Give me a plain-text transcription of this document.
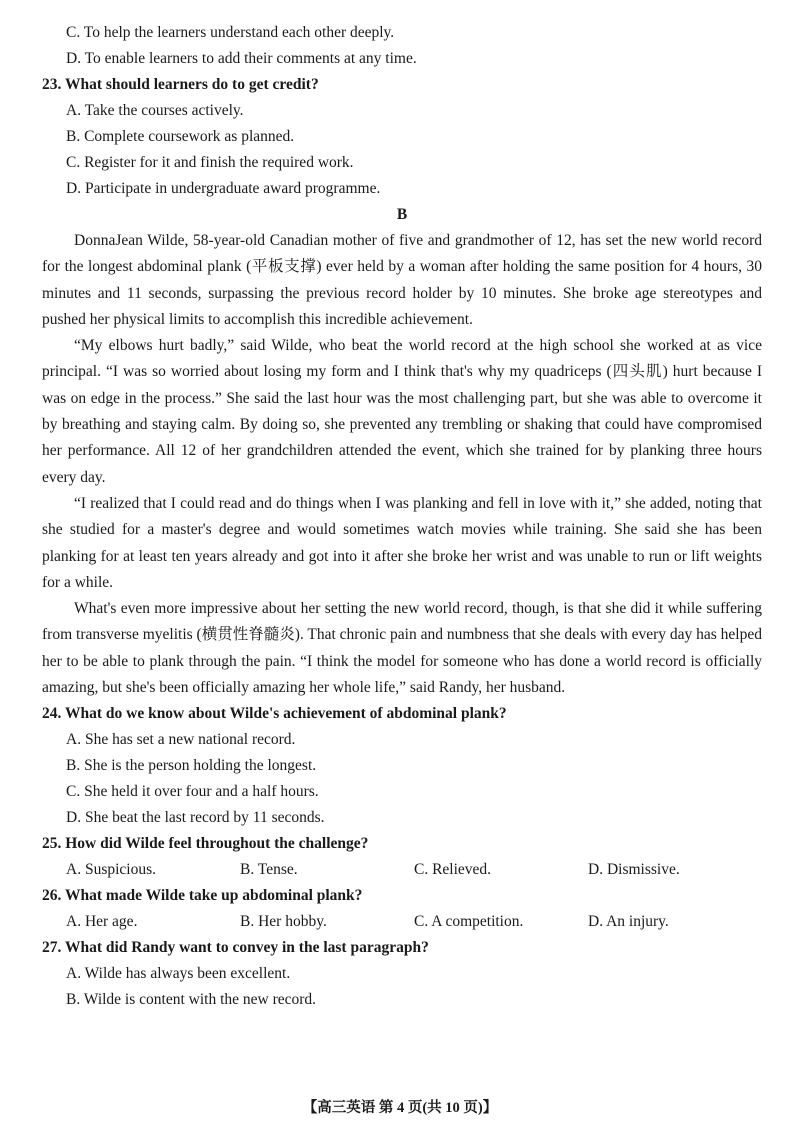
C. To help the learners understand each other deeply.
D. To enable learners to add their comments at any time.
23. What should learners do to get credit?
A. Take the courses actively.
B. Complete coursework as planned.
C. Register for it and finish the required work.
D. Participate in undergraduate award programme.
B
DonnaJean Wilde, 58-year-old Canadian mother of five and grandmother of 12, has set the new world record for the longest abdominal plank (平板支撑) ever held by a woman after holding the same position for 4 hours, 30 minutes and 11 seconds, surpassing the previous record holder by 10 minutes. She broke age stereotypes and pushed her physical limits to accomplish this incredible achievement.
“My elbows hurt badly,” said Wilde, who beat the world record at the high school she worked at as vice principal. “I was so worried about losing my form and I think that's why my quadriceps (四头肌) hurt because I was on edge in the process.” She said the last hour was the most challenging part, but she was able to overcome it by breathing and staying calm. By doing so, she prevented any trembling or shaking that could have compromised her performance. All 12 of her grandchildren attended the event, which she trained for by planking three hours every day.
“I realized that I could read and do things when I was planking and fell in love with it,” she added, noting that she studied for a master's degree and would sometimes watch movies while training. She said she has been planking for at least ten years already and got into it after she broke her wrist and was unable to run or lift weights for a while.
What's even more impressive about her setting the new world record, though, is that she did it while suffering from transverse myelitis (横贯性脊髓炎). That chronic pain and numbness that she deals with every day has helped her to be able to plank through the pain. “I think the model for someone who has done a world record is officially amazing, but she's been officially amazing her whole life,” said Randy, her husband.
24. What do we know about Wilde's achievement of abdominal plank?
A. She has set a new national record.
B. She is the person holding the longest.
C. She held it over four and a half hours.
D. She beat the last record by 11 seconds.
25. How did Wilde feel throughout the challenge?
A. Suspicious.	B. Tense.	C. Relieved.	D. Dismissive.
26. What made Wilde take up abdominal plank?
A. Her age.	B. Her hobby.	C. A competition.	D. An injury.
27. What did Randy want to convey in the last paragraph?
A. Wilde has always been excellent.
B. Wilde is content with the new record.
【高三英语 第 4 页(共 10 页)】
